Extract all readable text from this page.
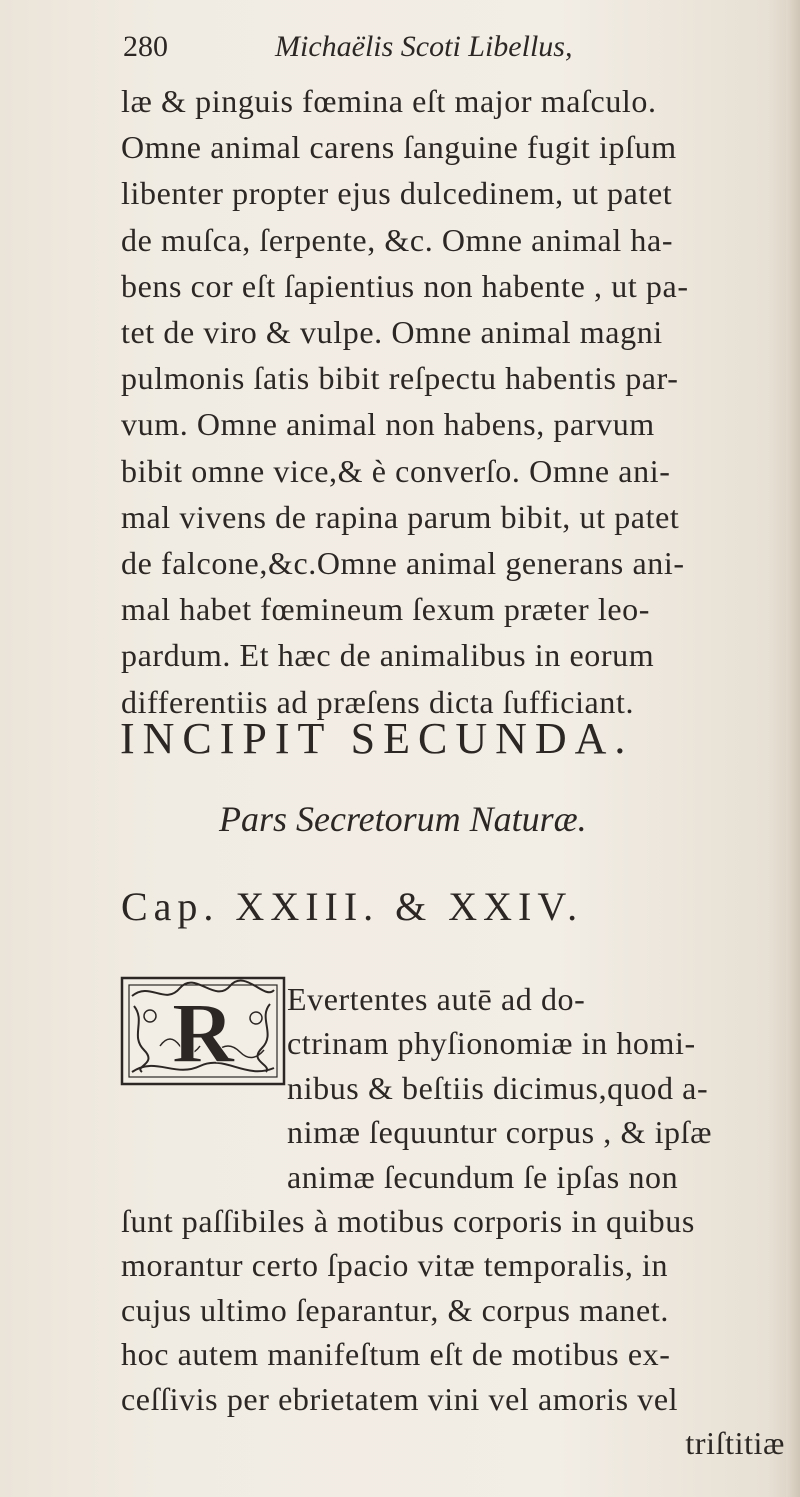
280	Michaëlis Scoti Libellus,
læ & pinguis fœmina eſt major maſculo.
Omne animal carens ſanguine fugit ipſum
libenter propter ejus dulcedinem, ut patet
de muſca, ſerpente, &c. Omne animal ha-
bens cor eſt ſapientius non habente , ut pa-
tet de viro & vulpe. Omne animal magni
pulmonis ſatis bibit reſpectu habentis par-
vum. Omne animal non habens, parvum
bibit omne vice,& è converſo. Omne ani-
mal vivens de rapina parum bibit, ut patet
de falcone,&c.Omne animal generans ani-
mal habet fœmineum ſexum præter leo-
pardum. Et hæc de animalibus in eorum
differentiis ad præſens dicta ſufficiant.
INCIPIT SECUNDA.
Pars Secretorum Naturæ.
Cap. XXIII. & XXIV.
R	Evertentes autē ad do-
ctrinam phyſionomiæ in homi-
nibus & beſtiis dicimus,quod a-
nimæ ſequuntur corpus , & ipſæ
animæ ſecundum ſe ipſas non
ſunt paſſibiles à motibus corporis in quibus
morantur certo ſpacio vitæ temporalis, in
cujus ultimo ſeparantur, & corpus manet.
hoc autem manifeſtum eſt de motibus ex-
ceſſivis per ebrietatem vini vel amoris vel
triſtitiæ
